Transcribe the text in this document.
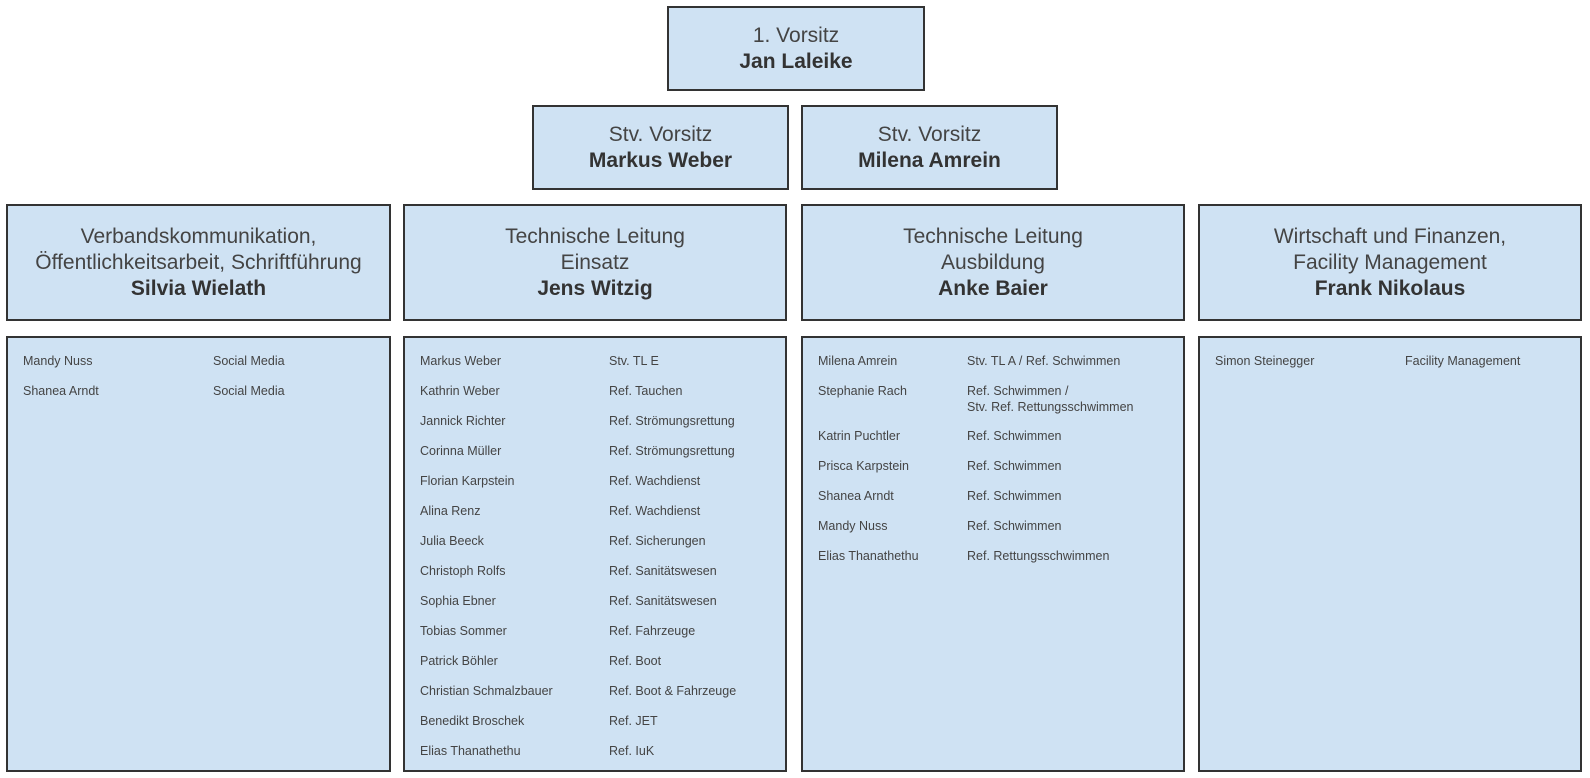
1. Vorsitz
Jan Laleike
Stv. Vorsitz
Markus Weber
Stv. Vorsitz
Milena Amrein
Verbandskommunikation,
Öffentlichkeitsarbeit, Schriftführung
Silvia Wielath
Technische Leitung
Einsatz
Jens Witzig
Technische Leitung
Ausbildung
Anke Baier
Wirtschaft und Finanzen,
Facility Management
Frank Nikolaus
Mandy Nuss	Social Media
Shanea Arndt	Social Media
Markus Weber	Stv. TL E
Kathrin Weber	Ref. Tauchen
Jannick Richter	Ref. Strömungsrettung
Corinna Müller	Ref. Strömungsrettung
Florian Karpstein	Ref. Wachdienst
Alina Renz	Ref. Wachdienst
Julia Beeck	Ref. Sicherungen
Christoph Rolfs	Ref. Sanitätswesen
Sophia Ebner	Ref. Sanitätswesen
Tobias Sommer	Ref. Fahrzeuge
Patrick Böhler	Ref. Boot
Christian Schmalzbauer	Ref. Boot & Fahrzeuge
Benedikt Broschek	Ref. JET
Elias Thanathethu	Ref. IuK
Milena Amrein	Stv. TL A / Ref. Schwimmen
Stephanie Rach	Ref. Schwimmen /
Stv. Ref. Rettungsschwimmen
Katrin Puchtler	Ref. Schwimmen
Prisca Karpstein	Ref. Schwimmen
Shanea Arndt	Ref. Schwimmen
Mandy Nuss	Ref. Schwimmen
Elias Thanathethu	Ref. Rettungsschwimmen
Simon Steinegger	Facility Management
